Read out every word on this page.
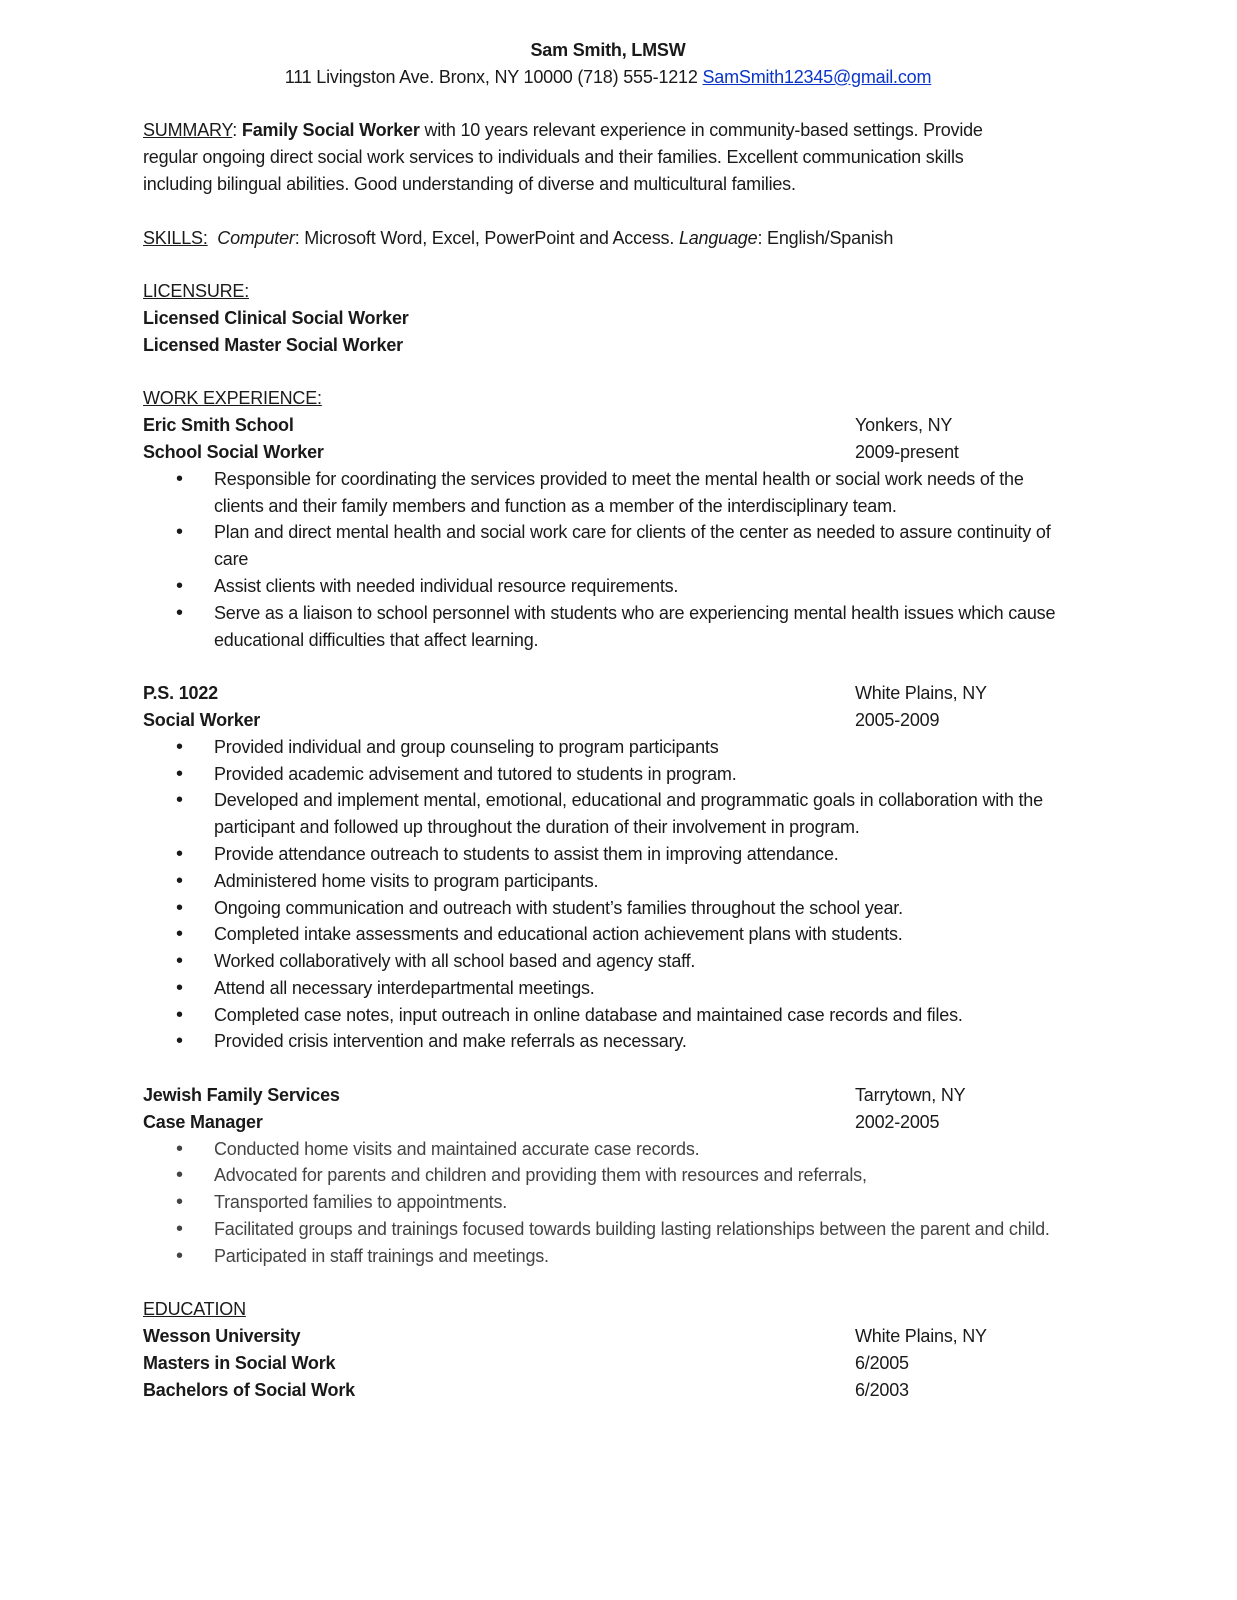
Sam Smith, LMSW
111 Livingston Ave. Bronx, NY 10000 (718) 555-1212 SamSmith12345@gmail.com
SUMMARY: Family Social Worker with 10 years relevant experience in community-based settings. Provide regular ongoing direct social work services to individuals and their families. Excellent communication skills including bilingual abilities. Good understanding of diverse and multicultural families.
SKILLS: Computer: Microsoft Word, Excel, PowerPoint and Access. Language: English/Spanish
LICENSURE:
Licensed Clinical Social Worker
Licensed Master Social Worker
WORK EXPERIENCE:
Eric Smith School	Yonkers, NY
School Social Worker	2009-present
• Responsible for coordinating the services provided to meet the mental health or social work needs of the clients and their family members and function as a member of the interdisciplinary team.
• Plan and direct mental health and social work care for clients of the center as needed to assure continuity of care
• Assist clients with needed individual resource requirements.
• Serve as a liaison to school personnel with students who are experiencing mental health issues which cause educational difficulties that affect learning.
P.S. 1022	White Plains, NY
Social Worker	2005-2009
• Provided individual and group counseling to program participants
• Provided academic advisement and tutored to students in program.
• Developed and implement mental, emotional, educational and programmatic goals in collaboration with the participant and followed up throughout the duration of their involvement in program.
• Provide attendance outreach to students to assist them in improving attendance.
• Administered home visits to program participants.
• Ongoing communication and outreach with student’s families throughout the school year.
• Completed intake assessments and educational action achievement plans with students.
• Worked collaboratively with all school based and agency staff.
• Attend all necessary interdepartmental meetings.
• Completed case notes, input outreach in online database and maintained case records and files.
• Provided crisis intervention and make referrals as necessary.
Jewish Family Services	Tarrytown, NY
Case Manager	2002-2005
• Conducted home visits and maintained accurate case records.
• Advocated for parents and children and providing them with resources and referrals,
• Transported families to appointments.
• Facilitated groups and trainings focused towards building lasting relationships between the parent and child.
• Participated in staff trainings and meetings.
EDUCATION
Wesson University	White Plains, NY
Masters in Social Work	6/2005
Bachelors of Social Work	6/2003
